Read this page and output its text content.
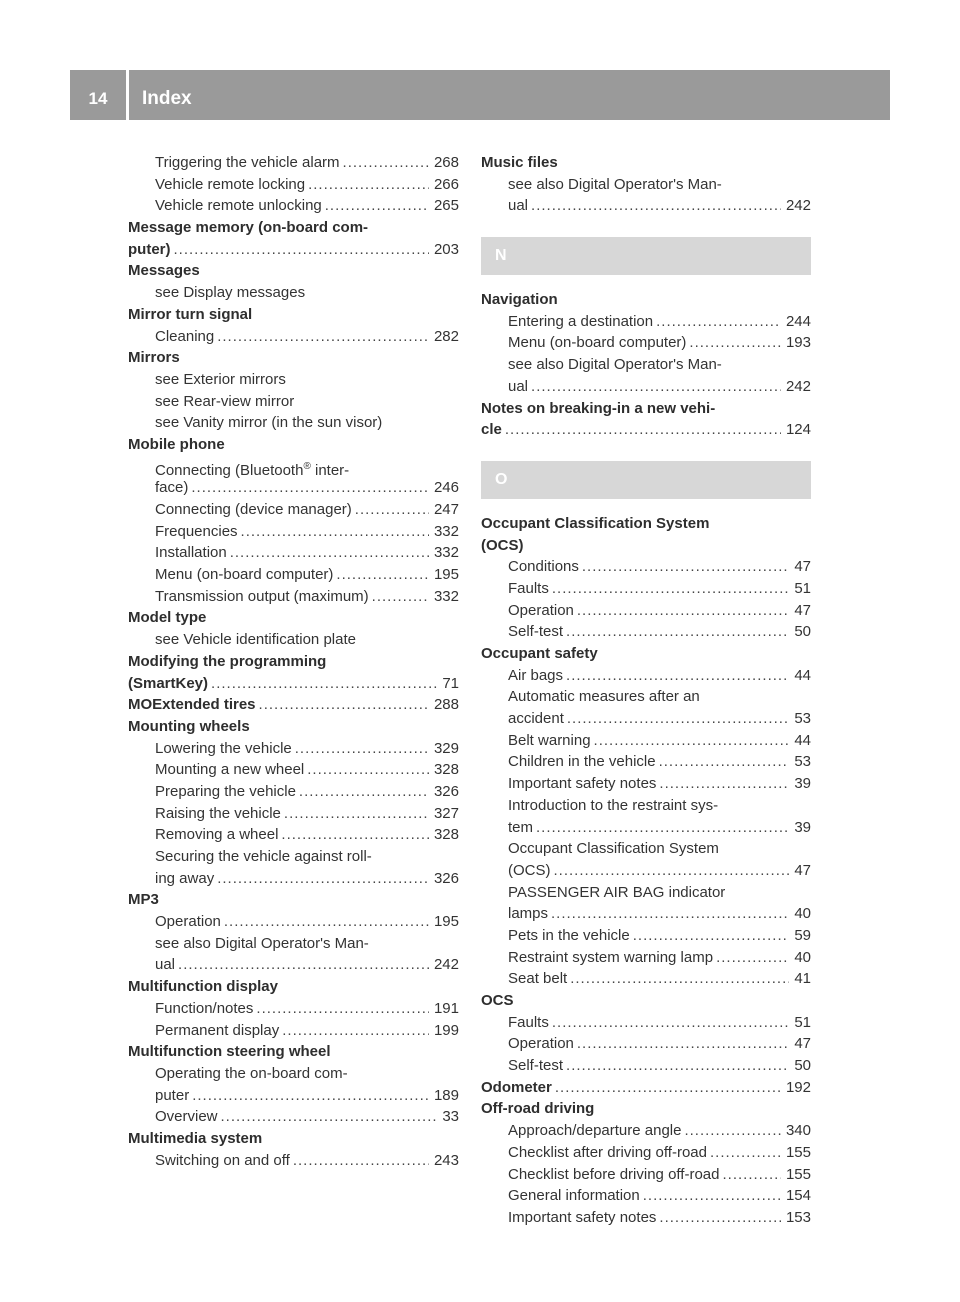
14	Index
Triggering the vehicle alarm .....	268
Vehicle remote locking .....	266
Vehicle remote unlocking .....	265
Message memory (on-board com-
puter) .....	203
Messages
see Display messages
Mirror turn signal
Cleaning .....	282
Mirrors
see Exterior mirrors
see Rear-view mirror
see Vanity mirror (in the sun visor)
Mobile phone
Connecting (Bluetooth® inter-
face) .....	246
Connecting (device manager) .....	247
Frequencies .....	332
Installation .....	332
Menu (on-board computer) .....	195
Transmission output (maximum) .....	332
Model type
see Vehicle identification plate
Modifying the programming
(SmartKey) .....	71
MOExtended tires .....	288
Mounting wheels
Lowering the vehicle .....	329
Mounting a new wheel .....	328
Preparing the vehicle .....	326
Raising the vehicle .....	327
Removing a wheel .....	328
Securing the vehicle against roll-
ing away .....	326
MP3
Operation .....	195
see also Digital Operator's Man-
ual .....	242
Multifunction display
Function/notes .....	191
Permanent display .....	199
Multifunction steering wheel
Operating the on-board com-
puter .....	189
Overview .....	33
Multimedia system
Switching on and off .....	243
Music files
see also Digital Operator's Man-
ual .....	242
N
Navigation
Entering a destination .....	244
Menu (on-board computer) .....	193
see also Digital Operator's Man-
ual .....	242
Notes on breaking-in a new vehi-
cle .....	124
O
Occupant Classification System
(OCS)
Conditions .....	47
Faults .....	51
Operation .....	47
Self-test .....	50
Occupant safety
Air bags .....	44
Automatic measures after an
accident .....	53
Belt warning .....	44
Children in the vehicle .....	53
Important safety notes .....	39
Introduction to the restraint sys-
tem .....	39
Occupant Classification System
(OCS) .....	47
PASSENGER AIR BAG indicator
lamps .....	40
Pets in the vehicle .....	59
Restraint system warning lamp .....	40
Seat belt .....	41
OCS
Faults .....	51
Operation .....	47
Self-test .....	50
Odometer .....	192
Off-road driving
Approach/departure angle .....	340
Checklist after driving off-road .....	155
Checklist before driving off-road .....	155
General information .....	154
Important safety notes .....	153
